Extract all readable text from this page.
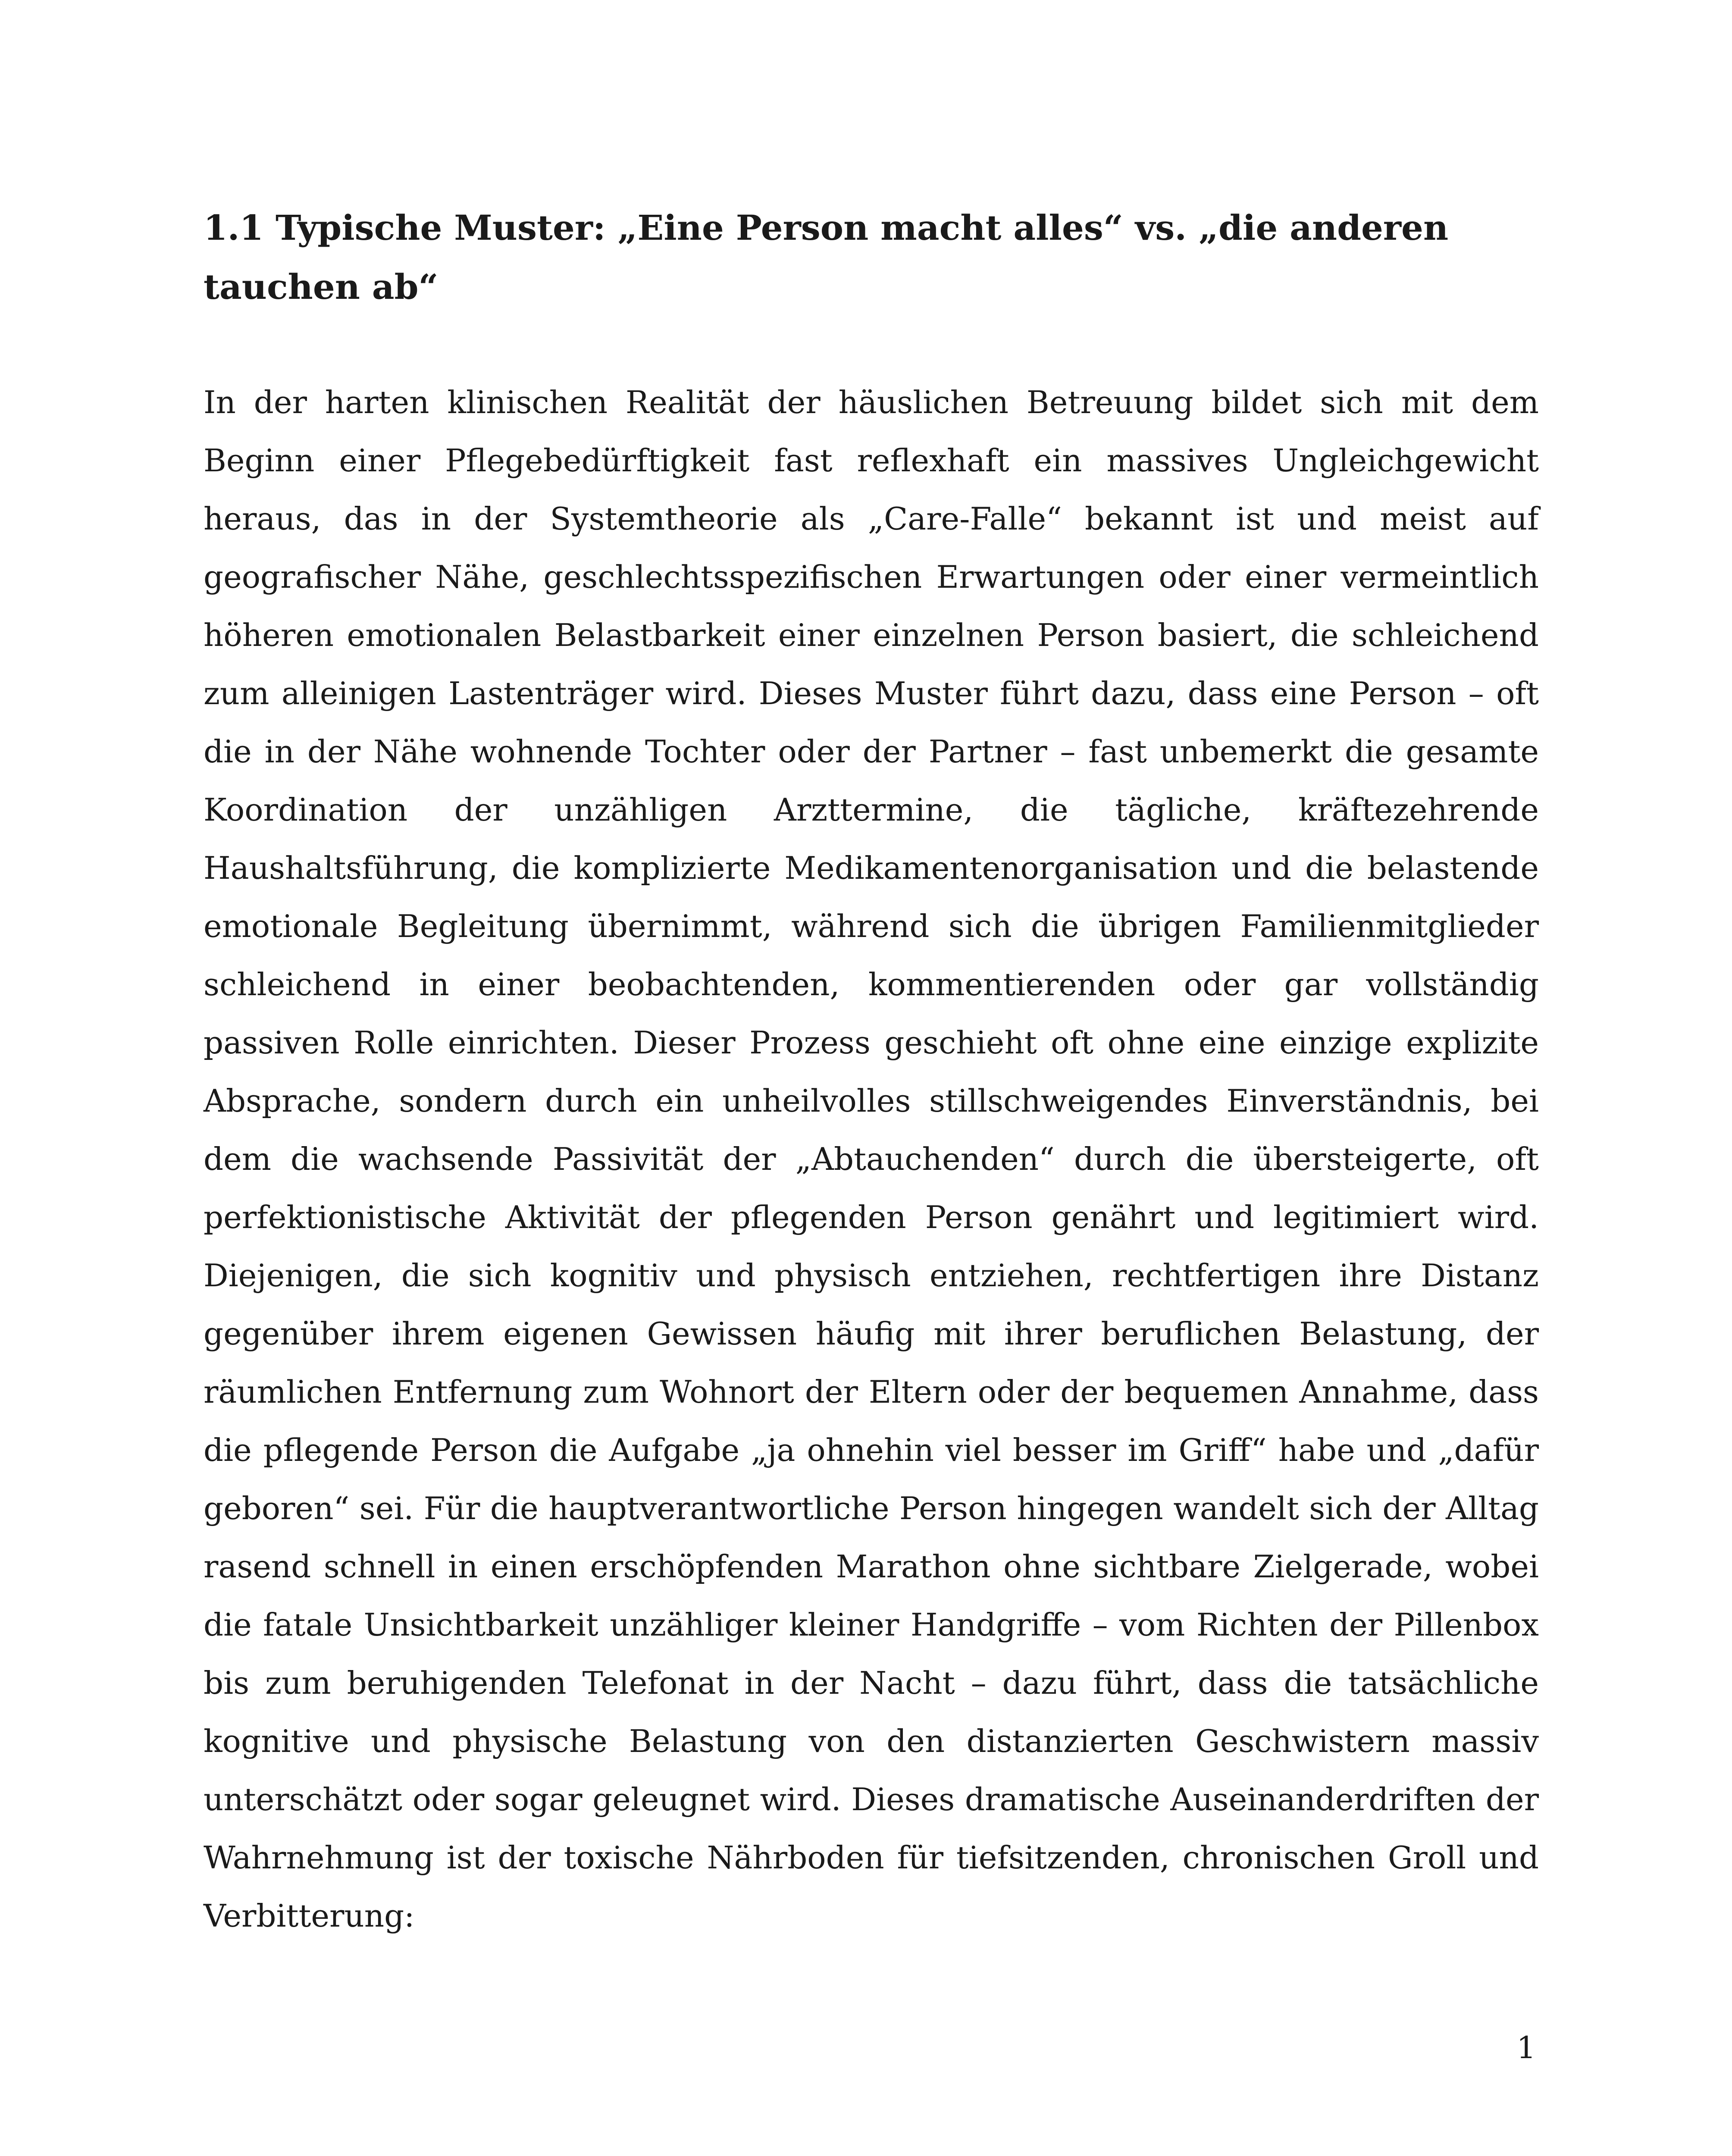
1.1 Typische Muster: „Eine Person macht alles“ vs. „die anderen tauchen ab“

In der harten klinischen Realität der häuslichen Betreuung bildet sich mit dem Beginn einer Pflegebedürftigkeit fast reflexhaft ein massives Ungleichgewicht heraus, das in der Systemtheorie als „Care-Falle“ bekannt ist und meist auf geografischer Nähe, geschlechtsspezifischen Erwartungen oder einer vermeintlich höheren emotionalen Belastbarkeit einer einzelnen Person basiert, die schleichend zum alleinigen Lastenträger wird. Dieses Muster führt dazu, dass eine Person – oft die in der Nähe wohnende Tochter oder der Partner – fast unbemerkt die gesamte Koordination der unzähligen Arzttermine, die tägliche, kräftezehrende Haushaltsführung, die komplizierte Medikamentenorganisation und die belastende emotionale Begleitung übernimmt, während sich die übrigen Familienmitglieder schleichend in einer beobachtenden, kommentierenden oder gar vollständig passiven Rolle einrichten. Dieser Prozess geschieht oft ohne eine einzige explizite Absprache, sondern durch ein unheilvolles stillschweigendes Einverständnis, bei dem die wachsende Passivität der „Abtauchenden“ durch die übersteigerte, oft perfektionistische Aktivität der pflegenden Person genährt und legitimiert wird. Diejenigen, die sich kognitiv und physisch entziehen, rechtfertigen ihre Distanz gegenüber ihrem eigenen Gewissen häufig mit ihrer beruflichen Belastung, der räumlichen Entfernung zum Wohnort der Eltern oder der bequemen Annahme, dass die pflegende Person die Aufgabe „ja ohnehin viel besser im Griff“ habe und „dafür geboren“ sei. Für die hauptverantwortliche Person hingegen wandelt sich der Alltag rasend schnell in einen erschöpfenden Marathon ohne sichtbare Zielgerade, wobei die fatale Unsichtbarkeit unzähliger kleiner Handgriffe – vom Richten der Pillenbox bis zum beruhigenden Telefonat in der Nacht – dazu führt, dass die tatsächliche kognitive und physische Belastung von den distanzierten Geschwistern massiv unterschätzt oder sogar geleugnet wird. Dieses dramatische Auseinanderdriften der Wahrnehmung ist der toxische Nährboden für tiefsitzenden, chronischen Groll und Verbitterung:

1
